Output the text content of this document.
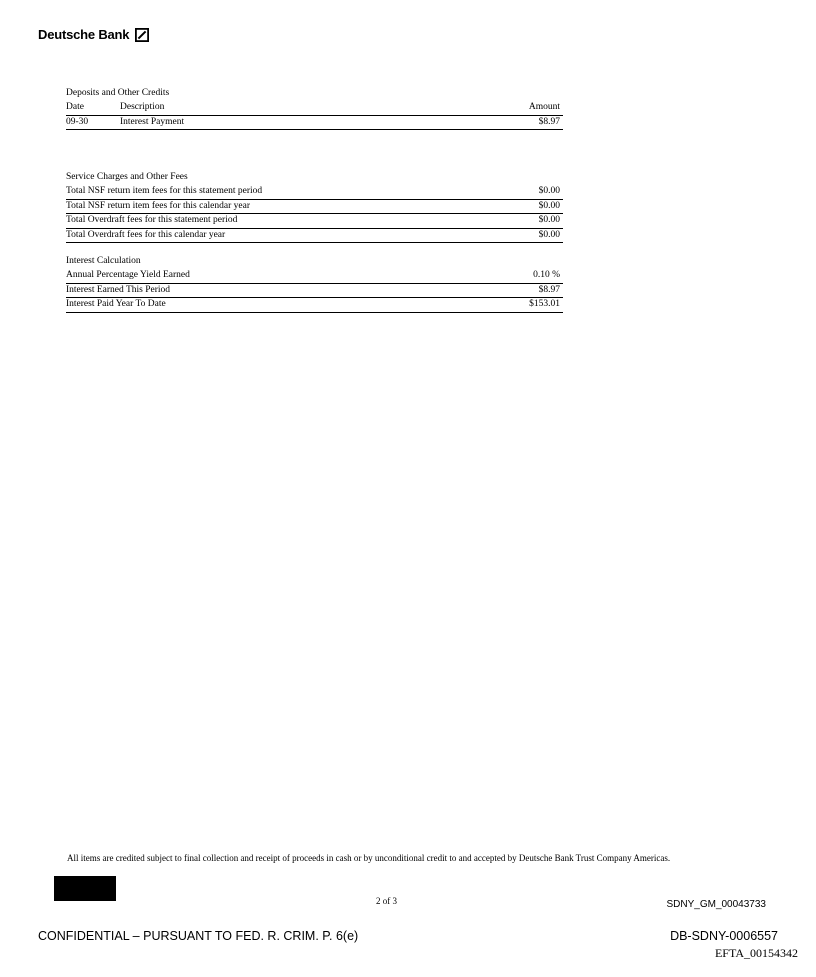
Deutsche Bank
Deposits and Other Credits
Date	Description	Amount
09-30	Interest Payment	$8.97
Service Charges and Other Fees
Total NSF return item fees for this statement period	$0.00
Total NSF return item fees for this calendar year	$0.00
Total Overdraft fees for this statement period	$0.00
Total Overdraft fees for this calendar year	$0.00
Interest Calculation
Annual Percentage Yield Earned	0.10 %
Interest Earned This Period	$8.97
Interest Paid Year To Date	$153.01
All items are credited subject to final collection and receipt of proceeds in cash or by unconditional credit to and accepted by Deutsche Bank Trust Company Americas.
2 of 3	SDNY_GM_00043733
CONFIDENTIAL – PURSUANT TO FED. R. CRIM. P. 6(e)	DB-SDNY-0006557
EFTA_00154342
